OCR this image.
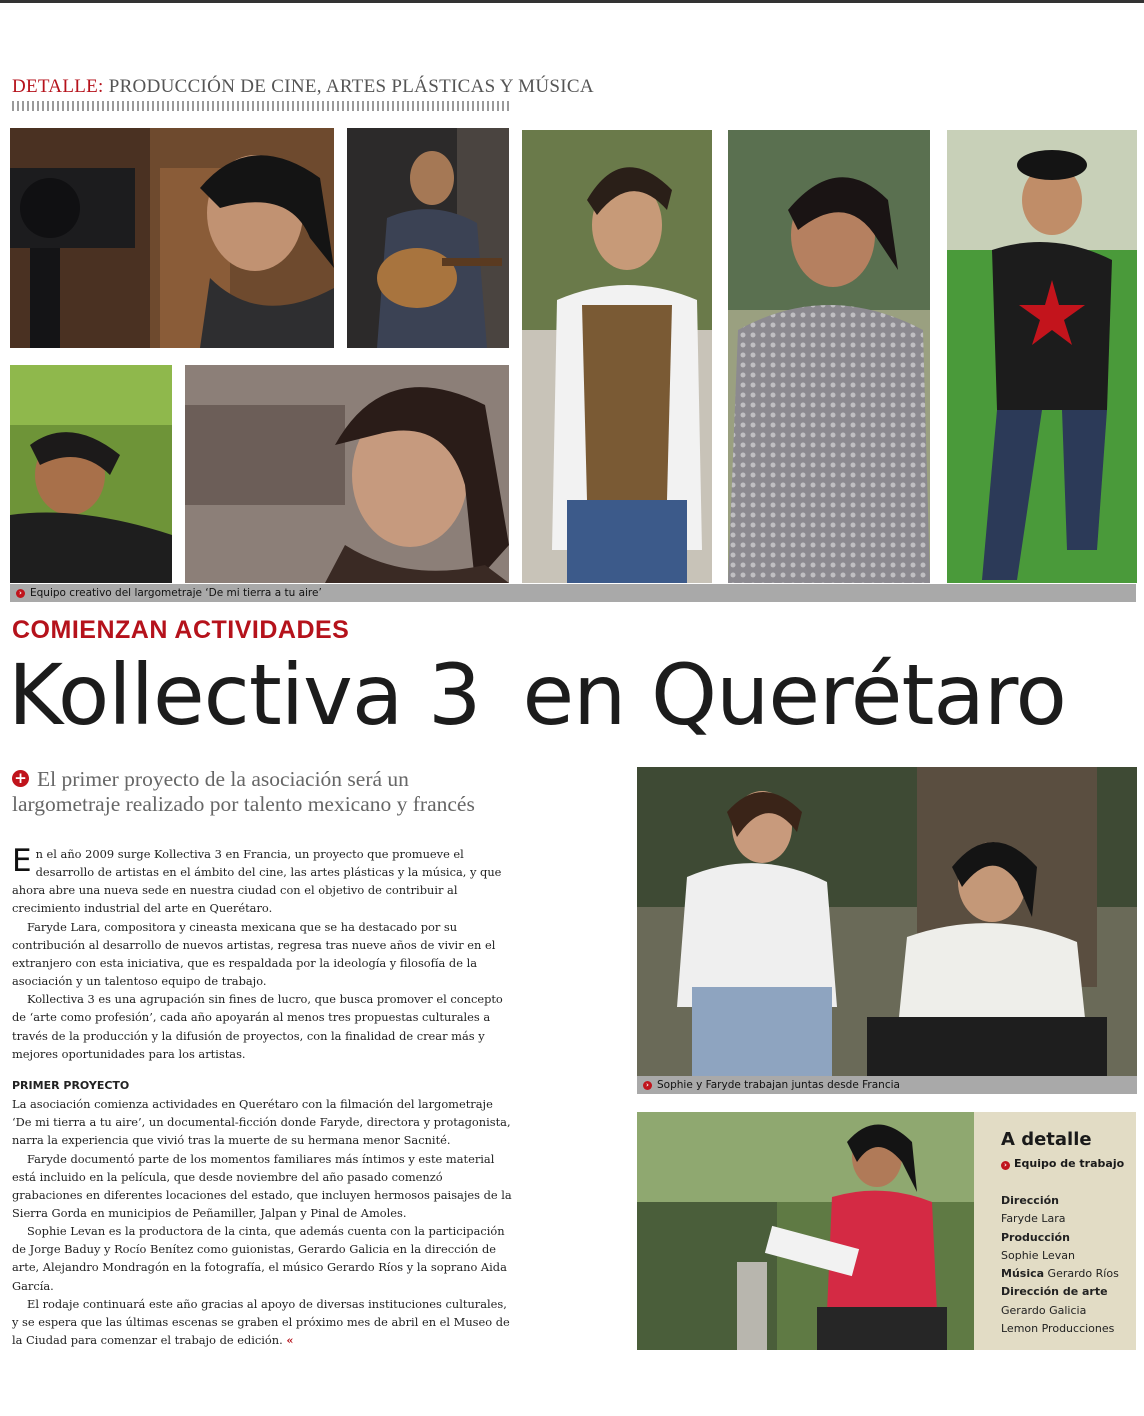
DETALLE: PRODUCCIÓN DE CINE, ARTES PLÁSTICAS Y MÚSICA
› Equipo creativo del largometraje ‘De mi tierra a tu aire’
COMIENZAN ACTIVIDADES
Kollectiva 3 en Querétaro
+ El primer proyecto de la asociación será un largometraje realizado por talento mexicano y francés

En el año 2009 surge Kollectiva 3 en Francia, un proyecto que promueve el desarrollo de artistas en el ámbito del cine, las artes plásticas y la música, y que ahora abre una nueva sede en nuestra ciudad con el objetivo de contribuir al crecimiento industrial del arte en Querétaro.

Faryde Lara, compositora y cineasta mexicana que se ha destacado por su contribución al desarrollo de nuevos artistas, regresa tras nueve años de vivir en el extranjero con esta iniciativa, que es respaldada por la ideología y filosofía de la asociación y un talentoso equipo de trabajo.

Kollectiva 3 es una agrupación sin fines de lucro, que busca promover el concepto de ‘arte como profesión’, cada año apoyarán al menos tres propuestas culturales a través de la producción y la difusión de proyectos, con la finalidad de crear más y mejores oportunidades para los artistas.

PRIMER PROYECTO

La asociación comienza actividades en Querétaro con la filmación del largometraje ‘De mi tierra a tu aire’, un documental-ficción donde Faryde, directora y protagonista, narra la experiencia que vivió tras la muerte de su hermana menor Sacnité.

Faryde documentó parte de los momentos familiares más íntimos y este material está incluido en la película, que desde noviembre del año pasado comenzó grabaciones en diferentes locaciones del estado, que incluyen hermosos paisajes de la Sierra Gorda en municipios de Peñamiller, Jalpan y Pinal de Amoles.

Sophie Levan es la productora de la cinta, que además cuenta con la participación de Jorge Baduy y Rocío Benítez como guionistas, Gerardo Galicia en la dirección de arte, Alejandro Mondragón en la fotografía, el músico Gerardo Ríos y la soprano Aida García.

El rodaje continuará este año gracias al apoyo de diversas instituciones culturales, y se espera que las últimas escenas se graben el próximo mes de abril en el Museo de la Ciudad para comenzar el trabajo de edición. «

› Sophie y Faryde trabajan juntas desde Francia
A detalle
› Equipo de trabajo
Dirección
Faryde Lara
Producción
Sophie Levan
Música Gerardo Ríos
Dirección de arte
Gerardo Galicia
Lemon Producciones
